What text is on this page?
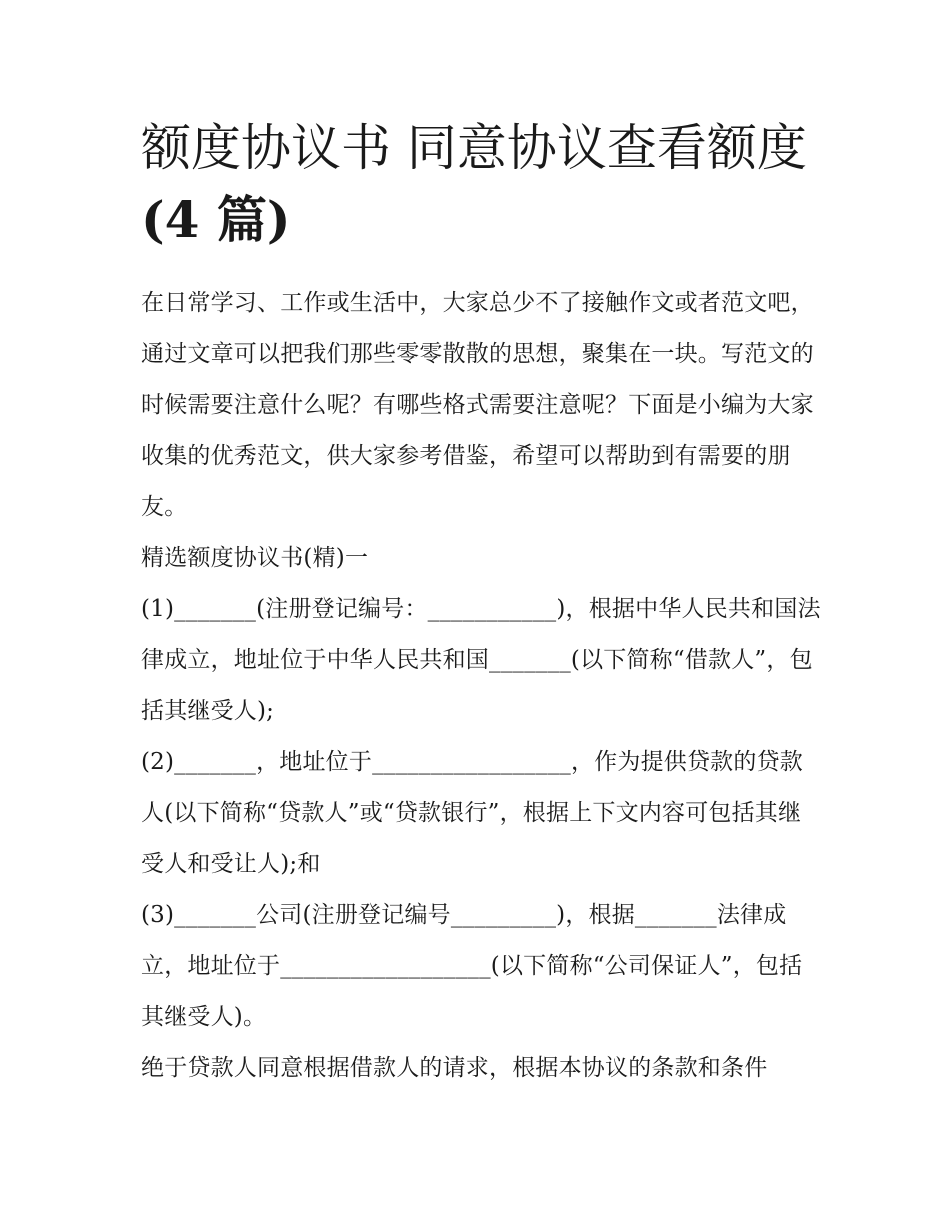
额度协议书 同意协议查看额度
(4 篇)

在日常学习、工作或生活中，大家总少不了接触作文或者范文吧，通过文章可以把我们那些零零散散的思想，聚集在一块。写范文的时候需要注意什么呢？有哪些格式需要注意呢？下面是小编为大家收集的优秀范文，供大家参考借鉴，希望可以帮助到有需要的朋友。

精选额度协议书(精)一

(1)_______(注册登记编号：___________)，根据中华人民共和国法律成立，地址位于中华人民共和国_______(以下简称“借款人”，包括其继受人);

(2)_______，地址位于_________________，作为提供贷款的贷款人(以下简称“贷款人”或“贷款银行”，根据上下文内容可包括其继受人和受让人);和

(3)_______公司(注册登记编号_________)，根据_______法律成立，地址位于__________________(以下简称“公司保证人”，包括其继受人)。

绝于贷款人同意根据借款人的请求，根据本协议的条款和条件
